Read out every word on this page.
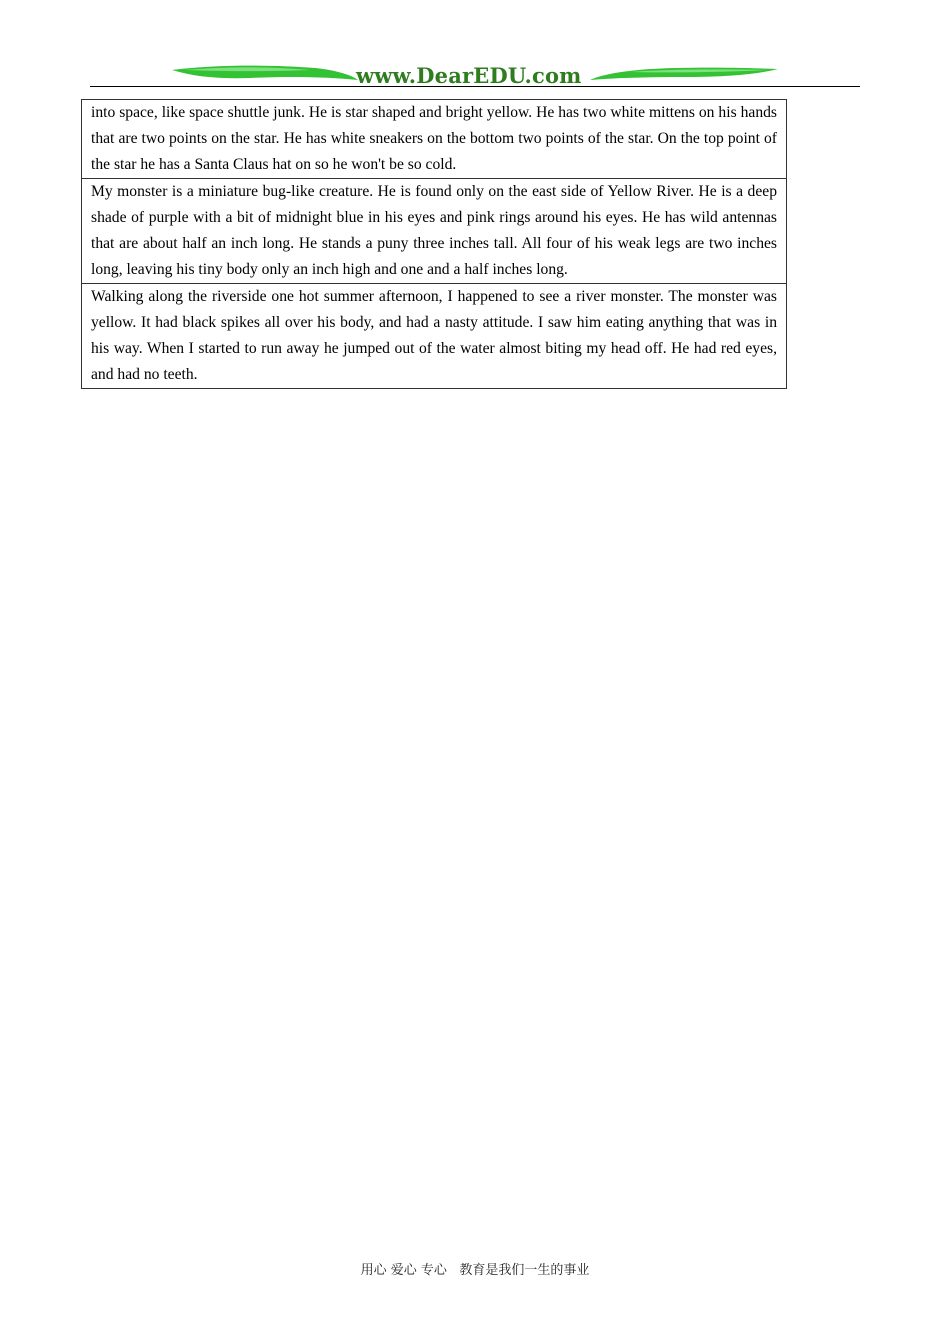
www.DearEDU.com
into space, like space shuttle junk. He is star shaped and bright yellow. He has two white mittens on his hands that are two points on the star. He has white sneakers on the bottom two points of the star. On the top point of the star he has a Santa Claus hat on so he won't be so cold.
My monster is a miniature bug-like creature. He is found only on the east side of Yellow River. He is a deep shade of purple with a bit of midnight blue in his eyes and pink rings around his eyes. He has wild antennas that are about half an inch long. He stands a puny three inches tall. All four of his weak legs are two inches long, leaving his tiny body only an inch high and one and a half inches long.
Walking along the riverside one hot summer afternoon, I happened to see a river monster. The monster was yellow. It had black spikes all over his body, and had a nasty attitude. I saw him eating anything that was in his way. When I started to run away he jumped out of the water almost biting my head off. He had red eyes, and had no teeth.
用心 爱心 专心   教育是我们一生的事业
